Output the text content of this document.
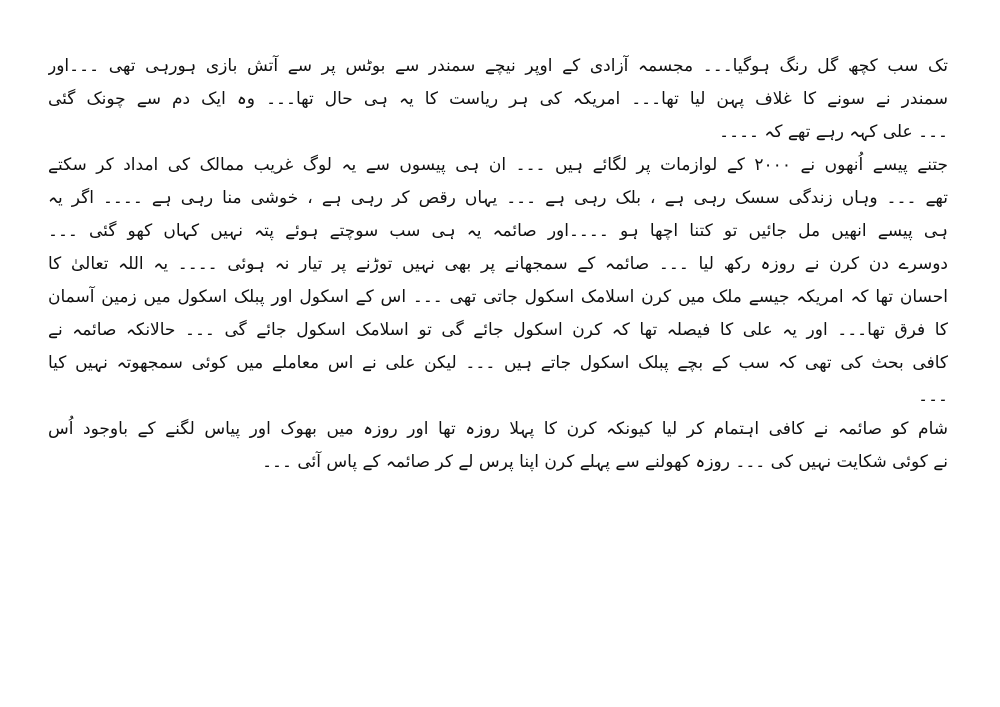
تک سب کچھ گل رنگ ہوگیا۔۔۔ مجسمہ آزادی کے اوپر نیچے سمندر سے بوٹس پر سے آتش بازی ہورہی تھی ۔۔۔اور
سمندر نے سونے کا غلاف پہن لیا تھا۔۔۔ امریکہ کی ہر ریاست کا یہ ہی حال تھا۔۔۔ وہ ایک دم سے چونک گئی
۔۔۔ علی کہہ رہے تھے کہ ۔۔۔۔
جتنے پیسے اُنھوں نے ٢٠٠٠ کے لوازمات پر لگائے ہیں ۔۔۔ ان ہی پیسوں سے یہ لوگ غریب ممالک کی امداد کر سکتے
تھے ۔۔۔ وہاں زندگی سسک رہی ہے ، بلک رہی ہے ۔۔۔ یہاں رقص کر رہی ہے ، خوشی منا رہی ہے ۔۔۔۔ اگر یہ
ہی پیسے انھیں مل جائیں تو کتنا اچھا ہو ۔۔۔۔اور صائمہ یہ ہی سب سوچتے ہوئے پتہ نہیں کہاں کھو گئی ۔۔۔
دوسرے دن کرن نے روزہ رکھ لیا ۔۔۔ صائمہ کے سمجھانے پر بھی نہیں توڑنے پر تیار نہ ہوئی ۔۔۔۔ یہ اللہ تعالیٰ کا
احسان تھا کہ امریکہ جیسے ملک میں کرن اسلامک اسکول جاتی تھی ۔۔۔ اس کے اسکول اور پبلک اسکول میں زمین آسمان
کا فرق تھا۔۔۔ اور یہ علی کا فیصلہ تھا کہ کرن اسکول جائے گی تو اسلامک اسکول جائے گی ۔۔۔ حالانکہ صائمہ نے
کافی بحث کی تھی کہ سب کے بچے پبلک اسکول جاتے ہیں ۔۔۔ لیکن علی نے اس معاملے میں کوئی سمجھوتہ نہیں کیا
۔۔۔
شام کو صائمہ نے کافی اہتمام کر لیا کیونکہ کرن کا پہلا روزہ تھا اور روزہ میں بھوک اور پیاس لگنے کے باوجود اُس
نے کوئی شکایت نہیں کی ۔۔۔ روزہ کھولنے سے پہلے کرن اپنا پرس لے کر صائمہ کے پاس آئی ۔۔۔
